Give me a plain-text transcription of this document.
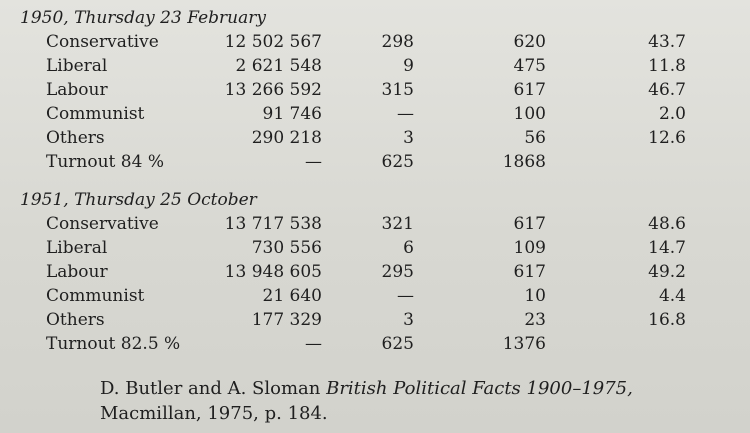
1950, Thursday 23 February
Conservative	12 502 567	298	620	43.7
Liberal	2 621 548	9	475	11.8
Labour	13 266 592	315	617	46.7
Communist	91 746	—	100	2.0
Others	290 218	3	56	12.6
Turnout 84 %	—	625	1868
1951, Thursday 25 October
Conservative	13 717 538	321	617	48.6
Liberal	730 556	6	109	14.7
Labour	13 948 605	295	617	49.2
Communist	21 640	—	10	4.4
Others	177 329	3	23	16.8
Turnout 82.5 %	—	625	1376
D. Butler and A. Sloman British Political Facts 1900–1975,
Macmillan, 1975, p. 184.
